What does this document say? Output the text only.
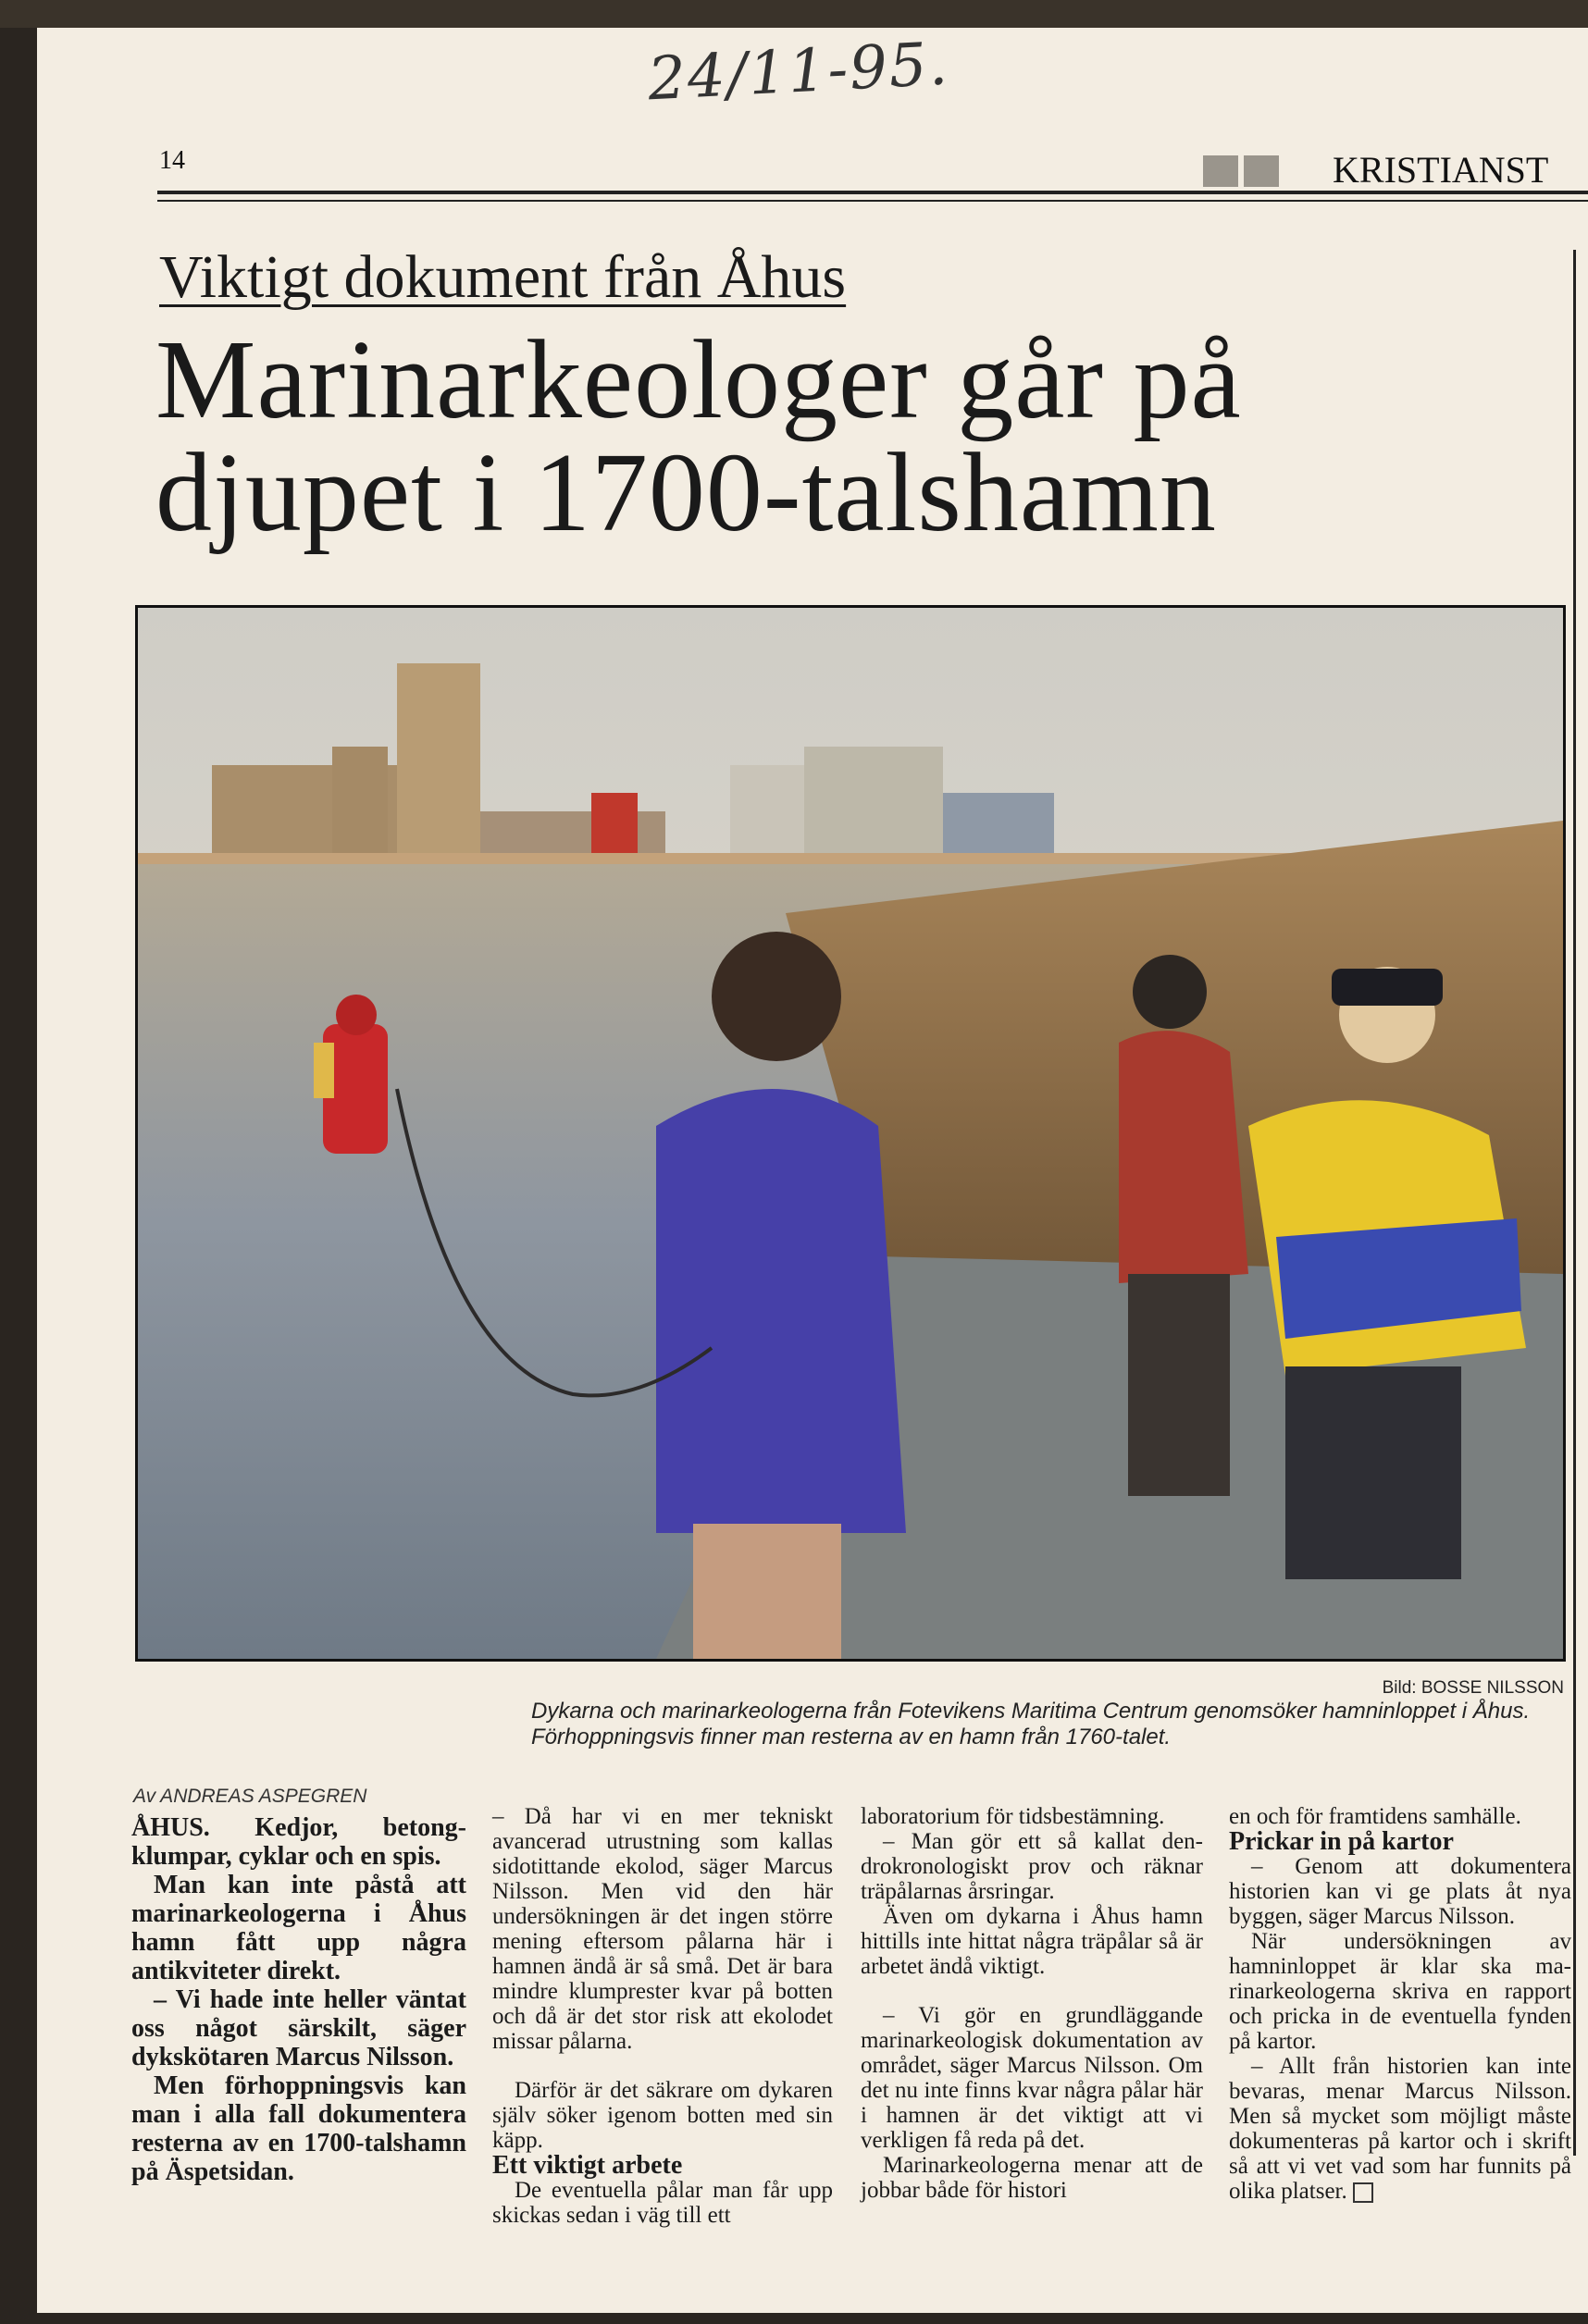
24/11-95.
14	KRISTIANST
Viktigt dokument från Åhus
Marinarkeologer går på
djupet i 1700-talshamn
Bild: BOSSE NILSSON
Dykarna och marinarkeologerna från Fotevikens Maritima Centrum genomsöker hamninloppet i Åhus. Förhoppningsvis finner man resterna av en hamn från 1760-talet.
Av ANDREAS ASPEGREN

ÅHUS. Kedjor, betongklumpar, cyklar och en spis.

Man kan inte påstå att marinarkeologerna i Åhus hamn fått upp några antikviteter direkt.

– Vi hade inte heller väntat oss något särskilt, säger dykskötaren Marcus Nilsson.

Men förhoppningsvis kan man i alla fall dokumentera resterna av en 1700-talshamn på Äspetsidan.

– Då har vi en mer tekniskt avancerad utrustning som kallas sidotittande ekolod, säger Marcus Nilsson. Men vid den här undersökningen är det ingen större mening eftersom pålarna här i hamnen ändå är så små. Det är bara mindre klumprester kvar på botten och då är det stor risk att ekolodet missar pålarna.

Därför är det säkrare om dykaren själv söker igenom botten med sin käpp.

Ett viktigt arbete

De eventuella pålar man får upp skickas sedan i väg till ett

laboratorium för tidsbestämning.

– Man gör ett så kallat dendrokronologiskt prov och räknar träpålarnas årsringar.

Även om dykarna i Åhus hamn hittills inte hittat några träpålar så är arbetet ändå viktigt.

– Vi gör en grundläggande marinarkeologisk dokumentation av området, säger Marcus Nilsson. Om det nu inte finns kvar några pålar här i hamnen är det viktigt att vi verkligen få reda på det.

Marinarkeologerna menar att de jobbar både för histori

en och för framtidens samhälle.

Prickar in på kartor

– Genom att dokumentera historien kan vi ge plats åt nya byggen, säger Marcus Nilsson.

När undersökningen av hamninloppet är klar ska marinarkeologerna skriva en rapport och pricka in de eventuella fynden på kartor.

– Allt från historien kan inte bevaras, menar Marcus Nilsson. Men så mycket som möjligt måste dokumenteras på kartor och i skrift så att vi vet vad som har funnits på olika platser.
